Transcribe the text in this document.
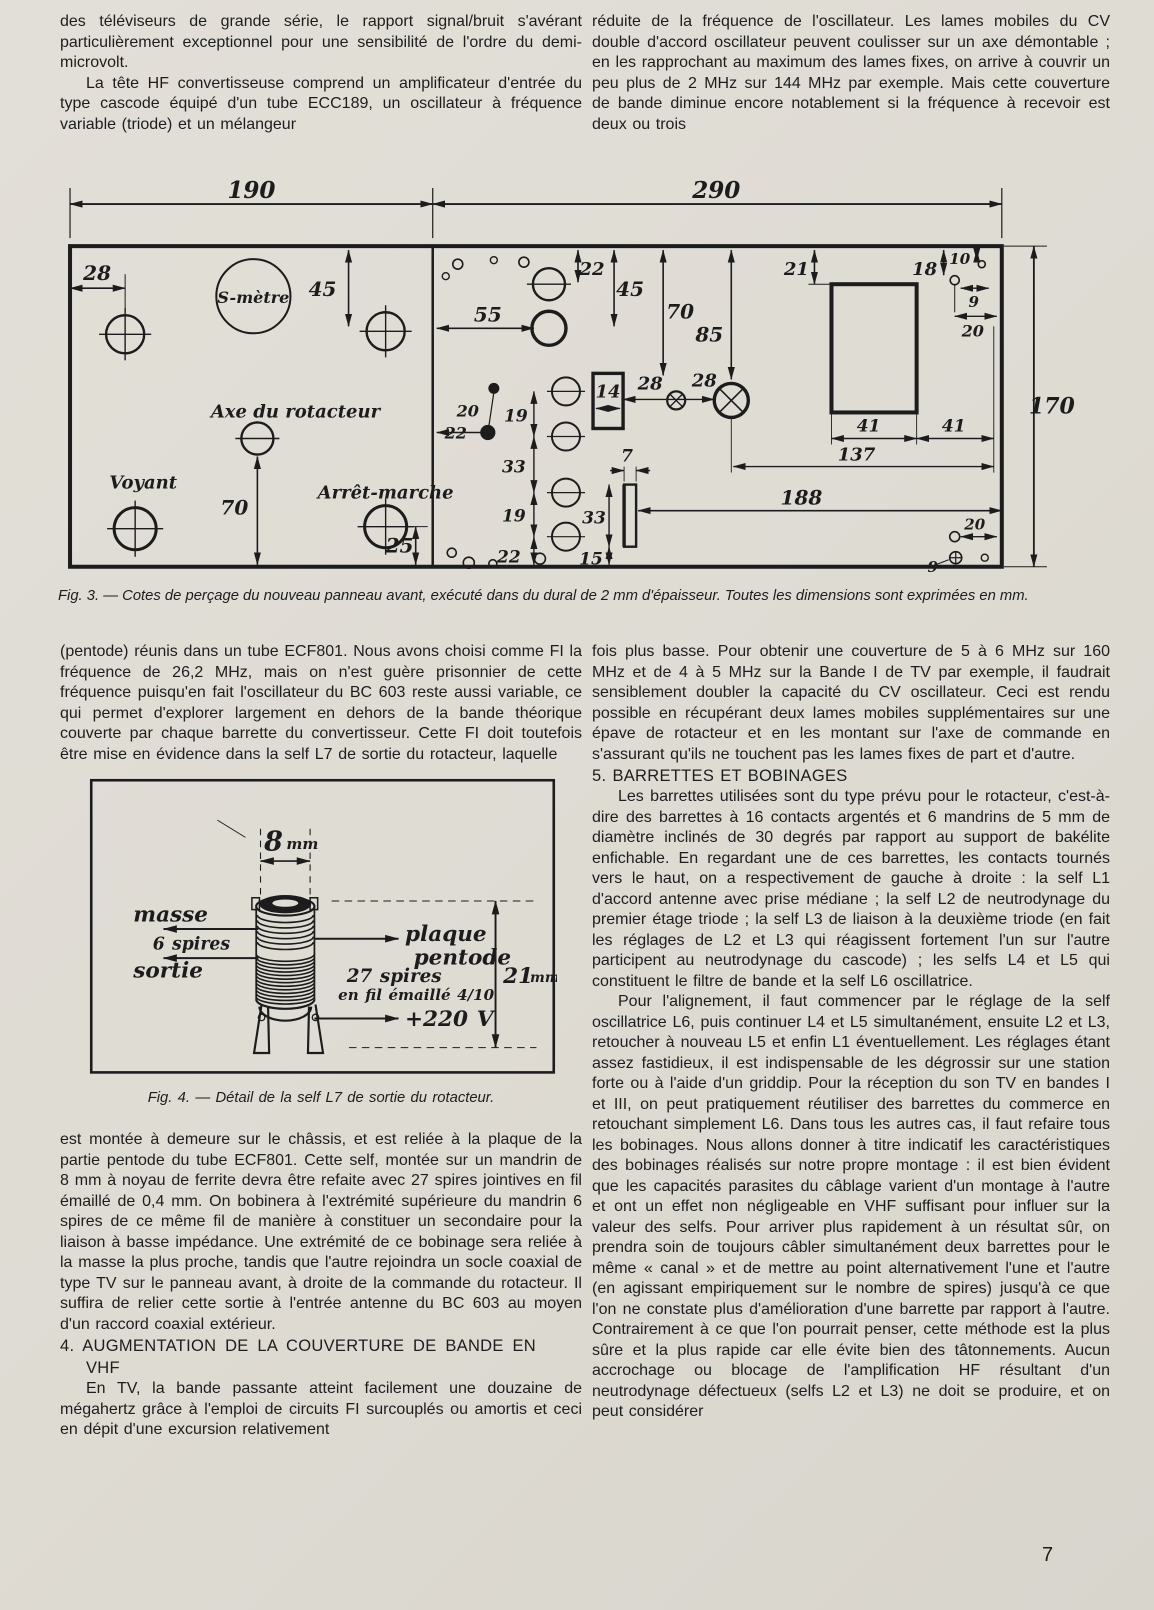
des téléviseurs de grande série, le rapport signal/bruit s'avérant particulièrement exceptionnel pour une sensibilité de l'ordre du demi-microvolt.

La tête HF convertisseuse comprend un amplificateur d'entrée du type cascode équipé d'un tube ECC189, un oscillateur à fréquence variable (triode) et un mélangeur

réduite de la fréquence de l'oscillateur. Les lames mobiles du CV double d'accord oscillateur peuvent coulisser sur un axe démontable ; en les rapprochant au maximum des lames fixes, on arrive à couvrir un peu plus de 2 MHz sur 144 MHz par exemple. Mais cette couverture de bande diminue encore notablement si la fréquence à recevoir est deux ou trois

190	290
170
28
S-mètre 45
Voyant
Axe du rotacteur
70
Arrêt-marche
25
22
45
55	70
85
14 28 28
20
22
19
33
19
22
7
33
15
188
21	18
10
9
20
41	41
137
20
9
Fig. 3. — Cotes de perçage du nouveau panneau avant, exécuté dans du dural de 2 mm d'épaisseur. Toutes les dimensions sont exprimées en mm.

(pentode) réunis dans un tube ECF801. Nous avons choisi comme FI la fréquence de 26,2 MHz, mais on n'est guère prisonnier de cette fréquence puisqu'en fait l'oscillateur du BC 603 reste aussi variable, ce qui permet d'explorer largement en dehors de la bande théorique couverte par chaque barrette du convertisseur. Cette FI doit toutefois être mise en évidence dans la self L7 de sortie du rotacteur, laquelle

8 mm
masse
6 spires
sortie
plaque
pentode
27 spires
en fil émaillé 4/10
+220 V
21
mm
Fig. 4. — Détail de la self L7 de sortie du rotacteur.

est montée à demeure sur le châssis, et est reliée à la plaque de la partie pentode du tube ECF801. Cette self, montée sur un mandrin de 8 mm à noyau de ferrite devra être refaite avec 27 spires jointives en fil émaillé de 0,4 mm. On bobinera à l'extrémité supérieure du mandrin 6 spires de ce même fil de manière à constituer un secondaire pour la liaison à basse impédance. Une extrémité de ce bobinage sera reliée à la masse la plus proche, tandis que l'autre rejoindra un socle coaxial de type TV sur le panneau avant, à droite de la commande du rotacteur. Il suffira de relier cette sortie à l'entrée antenne du BC 603 au moyen d'un raccord coaxial extérieur.

4. AUGMENTATION DE LA COUVERTURE DE BANDE EN VHF

En TV, la bande passante atteint facilement une douzaine de mégahertz grâce à l'emploi de circuits FI surcouplés ou amortis et ceci en dépit d'une excursion relativement

fois plus basse. Pour obtenir une couverture de 5 à 6 MHz sur 160 MHz et de 4 à 5 MHz sur la Bande I de TV par exemple, il faudrait sensiblement doubler la capacité du CV oscillateur. Ceci est rendu possible en récupérant deux lames mobiles supplémentaires sur une épave de rotacteur et en les montant sur l'axe de commande en s'assurant qu'ils ne touchent pas les lames fixes de part et d'autre.

5. BARRETTES ET BOBINAGES

Les barrettes utilisées sont du type prévu pour le rotacteur, c'est-à-dire des barrettes à 16 contacts argentés et 6 mandrins de 5 mm de diamètre inclinés de 30 degrés par rapport au support de bakélite enfichable. En regardant une de ces barrettes, les contacts tournés vers le haut, on a respectivement de gauche à droite : la self L1 d'accord antenne avec prise médiane ; la self L2 de neutrodynage du premier étage triode ; la self L3 de liaison à la deuxième triode (en fait les réglages de L2 et L3 qui réagissent fortement l'un sur l'autre participent au neutrodynage du cascode) ; les selfs L4 et L5 qui constituent le filtre de bande et la self L6 oscillatrice.

Pour l'alignement, il faut commencer par le réglage de la self oscillatrice L6, puis continuer L4 et L5 simultanément, ensuite L2 et L3, retoucher à nouveau L5 et enfin L1 éventuellement. Les réglages étant assez fastidieux, il est indispensable de les dégrossir sur une station forte ou à l'aide d'un griddip. Pour la réception du son TV en bandes I et III, on peut pratiquement réutiliser des barrettes du commerce en retouchant simplement L6. Dans tous les autres cas, il faut refaire tous les bobinages. Nous allons donner à titre indicatif les caractéristiques des bobinages réalisés sur notre propre montage : il est bien évident que les capacités parasites du câblage varient d'un montage à l'autre et ont un effet non négligeable en VHF suffisant pour influer sur la valeur des selfs. Pour arriver plus rapidement à un résultat sûr, on prendra soin de toujours câbler simultanément deux barrettes pour le même « canal » et de mettre au point alternativement l'une et l'autre (en agissant empiriquement sur le nombre de spires) jusqu'à ce que l'on ne constate plus d'amélioration d'une barrette par rapport à l'autre. Contrairement à ce que l'on pourrait penser, cette méthode est la plus sûre et la plus rapide car elle évite bien des tâtonnements. Aucun accrochage ou blocage de l'amplification HF résultant d'un neutrodynage défectueux (selfs L2 et L3) ne doit se produire, et on peut considérer

7
